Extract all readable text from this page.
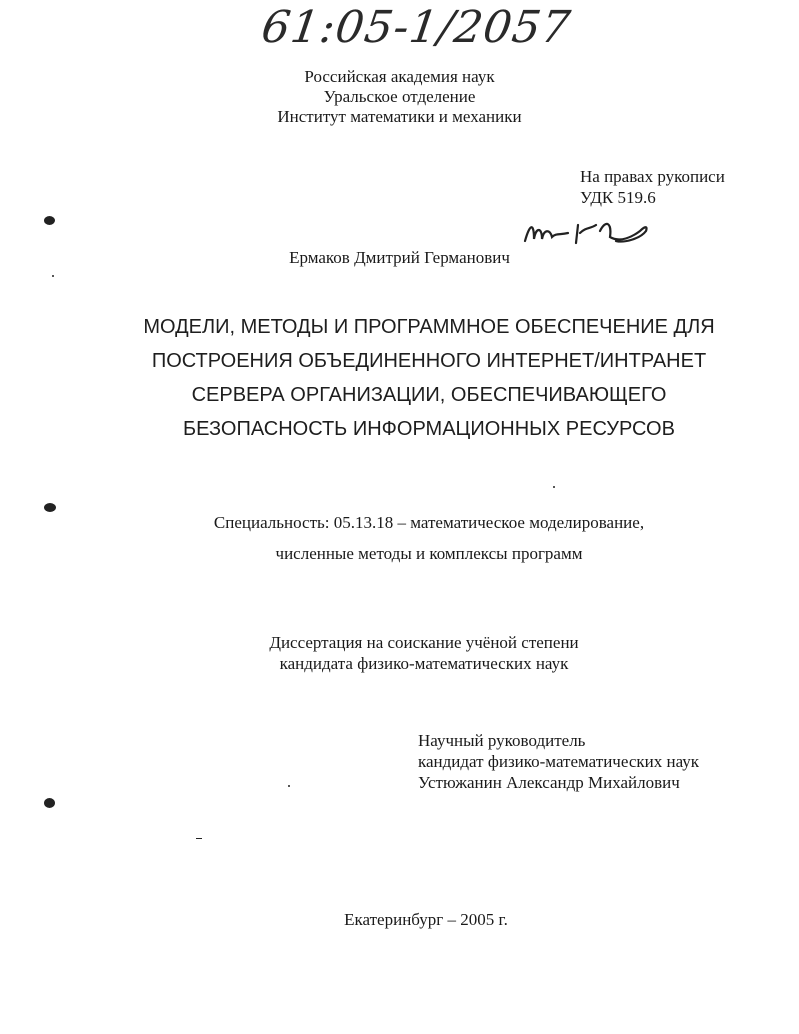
61:05-1/2057
Российская академия наук
Уральское отделение
Институт математики и механики
На правах рукописи
УДК 519.6
Ермаков Дмитрий Германович
МОДЕЛИ, МЕТОДЫ И ПРОГРАММНОЕ ОБЕСПЕЧЕНИЕ ДЛЯ
ПОСТРОЕНИЯ ОБЪЕДИНЕННОГО ИНТЕРНЕТ/ИНТРАНЕТ
СЕРВЕРА ОРГАНИЗАЦИИ, ОБЕСПЕЧИВАЮЩЕГО
БЕЗОПАСНОСТЬ ИНФОРМАЦИОННЫХ РЕСУРСОВ
Специальность: 05.13.18 – математическое моделирование,
численные методы и комплексы программ
Диссертация на соискание учёной степени
кандидата физико-математических наук
Научный руководитель
кандидат физико-математических наук
Устюжанин Александр Михайлович
Екатеринбург – 2005 г.
